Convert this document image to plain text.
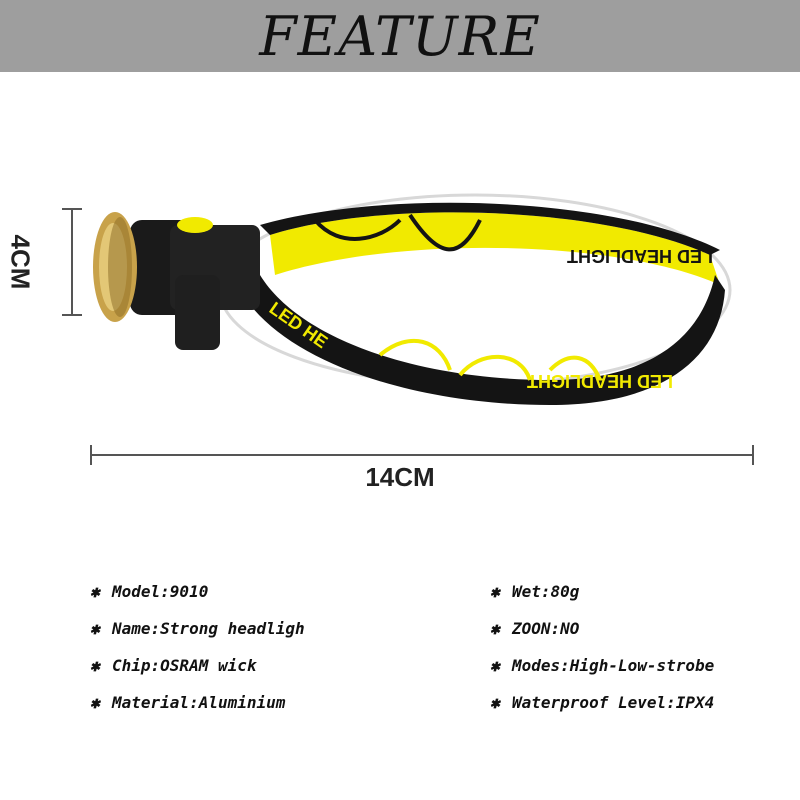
FEATURE
LED HEADLIGHT
LED HEADLIGHT
LED HE
4CM
14CM
✱ Model:9010
✱ Name:Strong headligh
✱ Chip:OSRAM wick
✱ Material:Aluminium
✱ Wet:80g
✱ ZOON:NO
✱ Modes:High-Low-strobe
✱ Waterproof Level:IPX4
